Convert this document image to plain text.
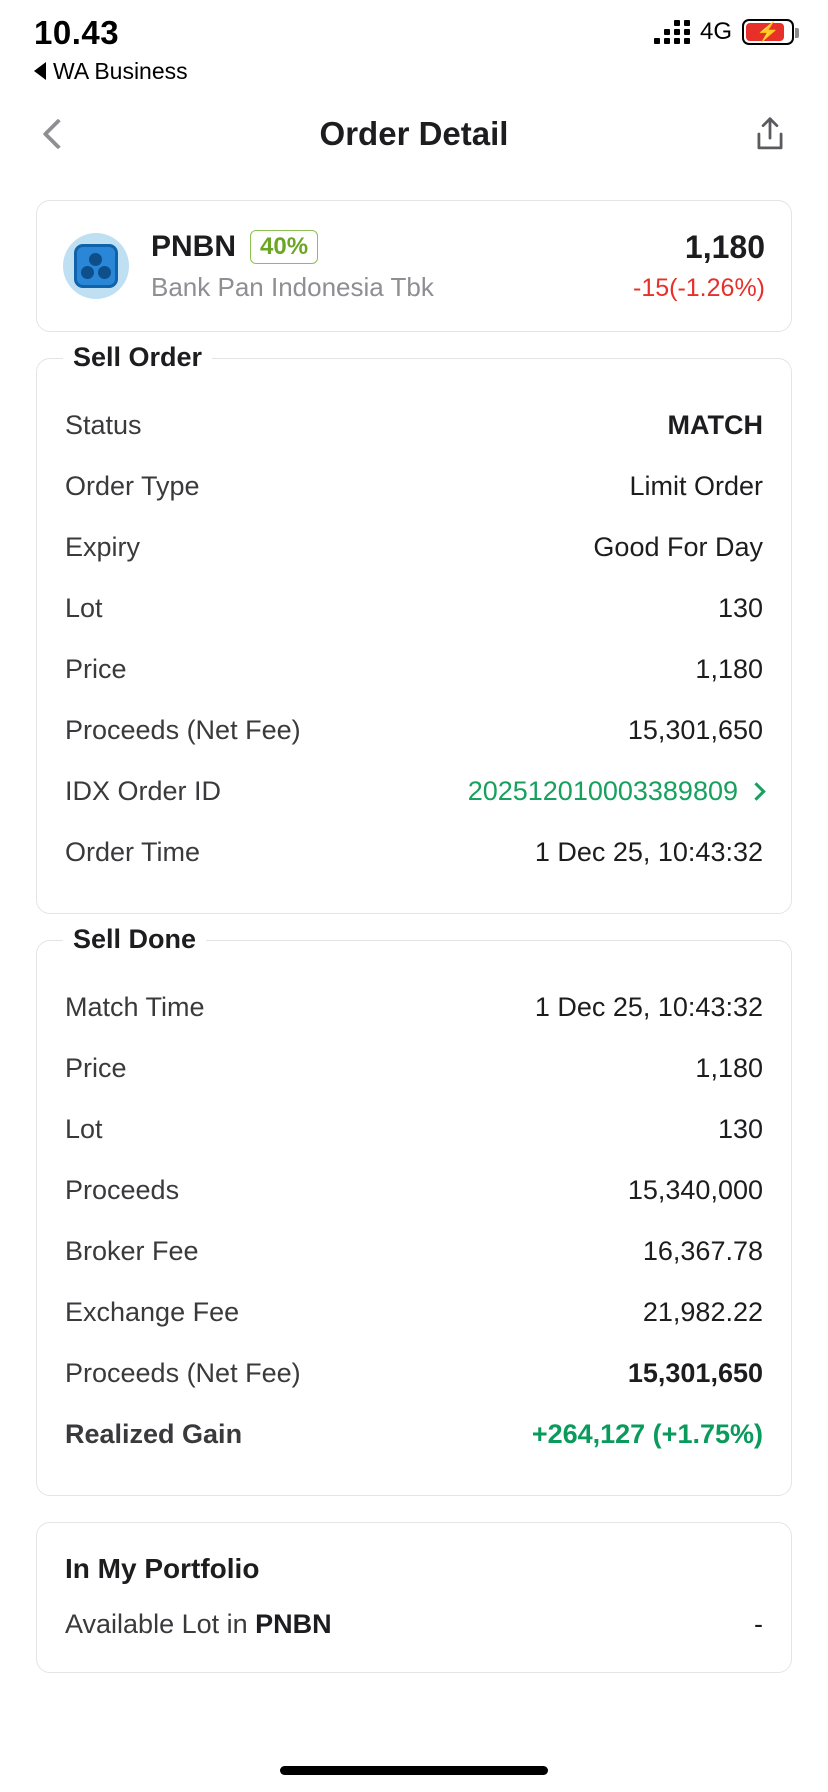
10.43
WA Business
4G ⚡
Order Detail
PNBN	40%
Bank Pan Indonesia Tbk
1,180
-15(-1.26%)
Sell Order
Status	MATCH
Order Type	Limit Order
Expiry	Good For Day
Lot	130
Price	1,180
Proceeds (Net Fee)	15,301,650
IDX Order ID	202512010003389809
Order Time	1 Dec 25, 10:43:32
Sell Done
Match Time	1 Dec 25, 10:43:32
Price	1,180
Lot	130
Proceeds	15,340,000
Broker Fee	16,367.78
Exchange Fee	21,982.22
Proceeds (Net Fee)	15,301,650
Realized Gain	+264,127 (+1.75%)
In My Portfolio
Available Lot in PNBN	-
